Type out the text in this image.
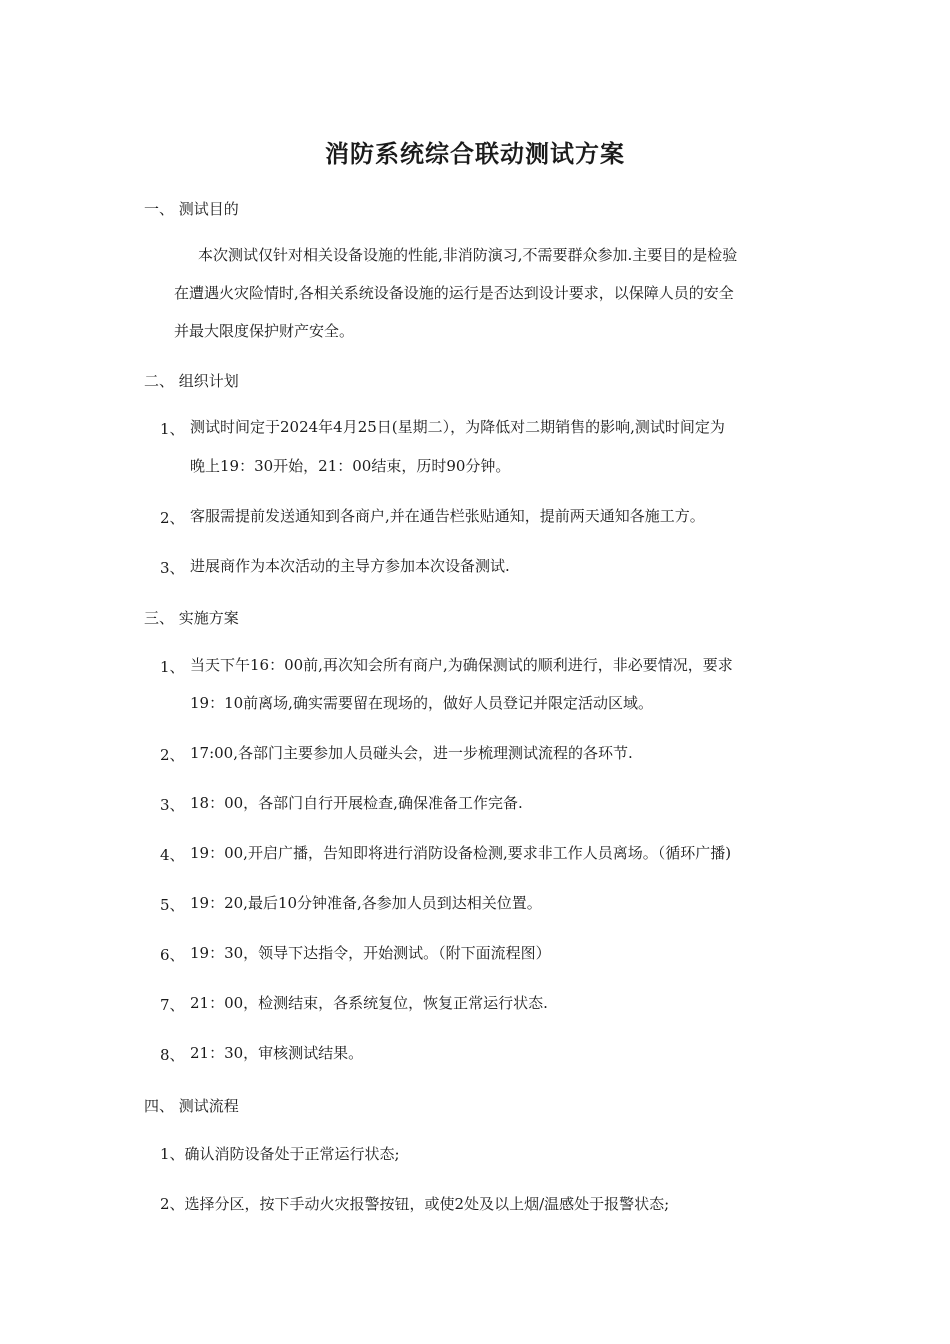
消防系统综合联动测试方案
一、 测试目的
本次测试仅针对相关设备设施的性能,非消防演习,不需要群众参加.主要目的是检验
在遭遇火灾险情时,各相关系统设备设施的运行是否达到设计要求，以保障人员的安全
并最大限度保护财产安全。
二、 组织计划
1、 测试时间定于2024年4月25日(星期二），为降低对二期销售的影响,测试时间定为
晚上19：30开始，21：00结束，历时90分钟。
2、 客服需提前发送通知到各商户,并在通告栏张贴通知，提前两天通知各施工方。
3、 进展商作为本次活动的主导方参加本次设备测试.
三、 实施方案
1、 当天下午16：00前,再次知会所有商户,为确保测试的顺利进行，非必要情况，要求
19：10前离场,确实需要留在现场的，做好人员登记并限定活动区域。
2、 17:00,各部门主要参加人员碰头会，进一步梳理测试流程的各环节.
3、 18：00，各部门自行开展检查,确保准备工作完备.
4、 19：00,开启广播，告知即将进行消防设备检测,要求非工作人员离场。（循环广播)
5、 19：20,最后10分钟准备,各参加人员到达相关位置。
6、 19：30，领导下达指令，开始测试。（附下面流程图）
7、 21：00，检测结束，各系统复位，恢复正常运行状态.
8、 21：30，审核测试结果。
四、 测试流程
1、确认消防设备处于正常运行状态;
2、选择分区，按下手动火灾报警按钮，或使2处及以上烟/温感处于报警状态;
